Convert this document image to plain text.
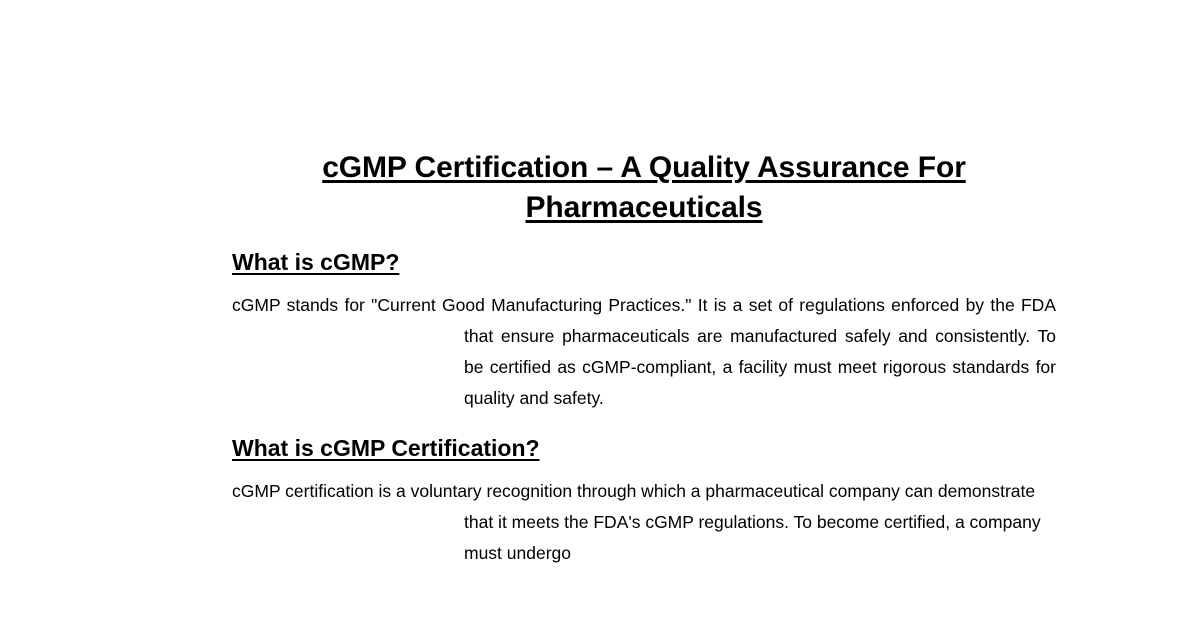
cGMP Certification – A Quality Assurance For Pharmaceuticals
What is cGMP?

cGMP stands for "Current Good Manufacturing Practices." It is a set of regulations enforced by the FDA that ensure pharmaceuticals are manufactured safely and consistently. To be certified as cGMP-compliant, a facility must meet rigorous standards for quality and safety.

What is cGMP Certification?

cGMP certification is a voluntary recognition through which a pharmaceutical company can demonstrate that it meets the FDA's cGMP regulations. To become certified, a company must undergo
